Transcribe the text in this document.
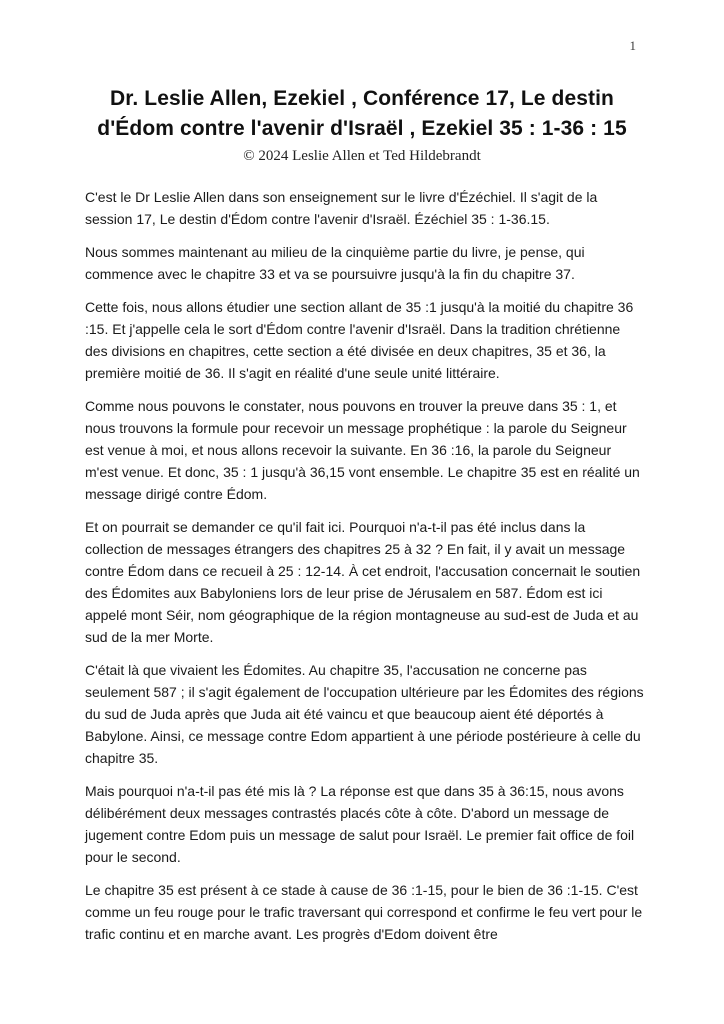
1
Dr. Leslie Allen, Ezekiel , Conférence 17, Le destin
d'Édom contre l'avenir d'Israël , Ezekiel 35 : 1-36 : 15
© 2024 Leslie Allen et Ted Hildebrandt

C'est le Dr Leslie Allen dans son enseignement sur le livre d'Ézéchiel. Il s'agit de la session 17, Le destin d'Édom contre l'avenir d'Israël. Ézéchiel 35 : 1-36.15.

Nous sommes maintenant au milieu de la cinquième partie du livre, je pense, qui commence avec le chapitre 33 et va se poursuivre jusqu'à la fin du chapitre 37.

Cette fois, nous allons étudier une section allant de 35 :1 jusqu'à la moitié du chapitre 36 :15. Et j'appelle cela le sort d'Édom contre l'avenir d'Israël. Dans la tradition chrétienne des divisions en chapitres, cette section a été divisée en deux chapitres, 35 et 36, la première moitié de 36. Il s'agit en réalité d'une seule unité littéraire.

Comme nous pouvons le constater, nous pouvons en trouver la preuve dans 35 : 1, et nous trouvons la formule pour recevoir un message prophétique : la parole du Seigneur est venue à moi, et nous allons recevoir la suivante. En 36 :16, la parole du Seigneur m'est venue. Et donc, 35 : 1 jusqu'à 36,15 vont ensemble. Le chapitre 35 est en réalité un message dirigé contre Édom.

Et on pourrait se demander ce qu'il fait ici. Pourquoi n'a-t-il pas été inclus dans la collection de messages étrangers des chapitres 25 à 32 ? En fait, il y avait un message contre Édom dans ce recueil à 25 : 12-14. À cet endroit, l'accusation concernait le soutien des Édomites aux Babyloniens lors de leur prise de Jérusalem en 587. Édom est ici appelé mont Séir, nom géographique de la région montagneuse au sud-est de Juda et au sud de la mer Morte.

C'était là que vivaient les Édomites. Au chapitre 35, l'accusation ne concerne pas seulement 587 ; il s'agit également de l'occupation ultérieure par les Édomites des régions du sud de Juda après que Juda ait été vaincu et que beaucoup aient été déportés à Babylone. Ainsi, ce message contre Edom appartient à une période postérieure à celle du chapitre 35.

Mais pourquoi n'a-t-il pas été mis là ? La réponse est que dans 35 à 36:15, nous avons délibérément deux messages contrastés placés côte à côte. D'abord un message de jugement contre Edom puis un message de salut pour Israël. Le premier fait office de foil pour le second.

Le chapitre 35 est présent à ce stade à cause de 36 :1-15, pour le bien de 36 :1-15. C'est comme un feu rouge pour le trafic traversant qui correspond et confirme le feu vert pour le trafic continu et en marche avant. Les progrès d'Edom doivent être
